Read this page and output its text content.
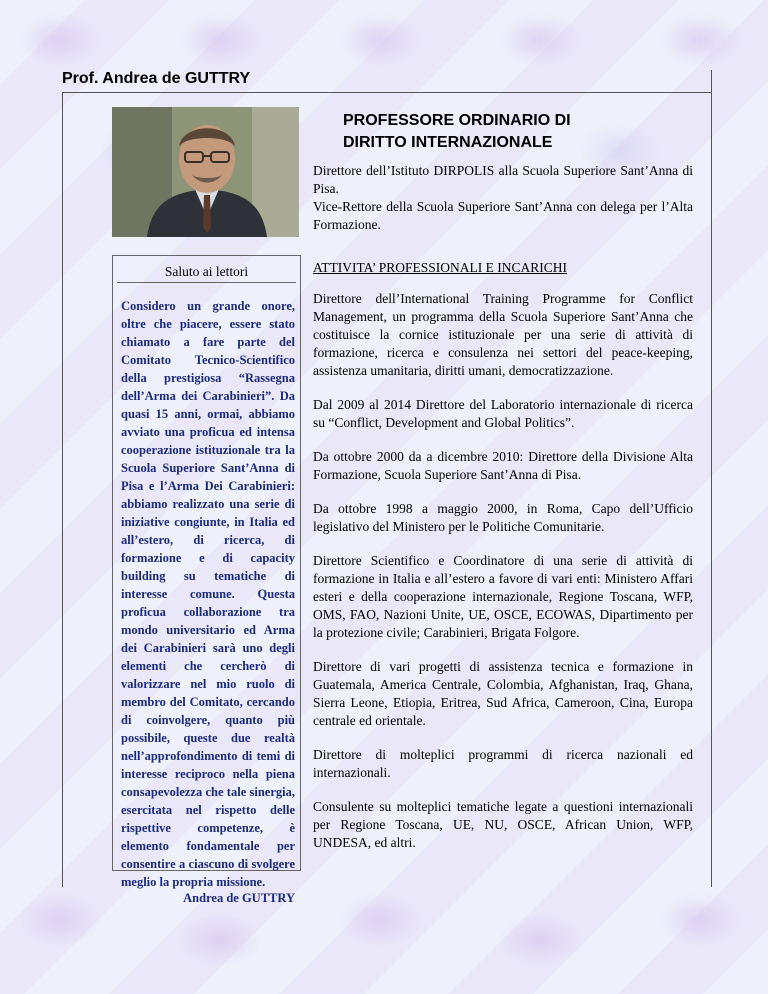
Prof. Andrea de GUTTRY
PROFESSORE ORDINARIO DI
DIRITTO INTERNAZIONALE

Direttore dell’Istituto DIRPOLIS alla Scuola Superiore Sant’Anna di Pisa.

Vice-Rettore della Scuola Superiore Sant’Anna con delega per l’Alta Formazione.

Saluto ai lettori
Considero un grande onore, oltre che piacere, essere stato chiamato a fare parte del Comitato Tecnico-Scientifico della prestigiosa “Rassegna dell’Arma dei Carabinieri”. Da quasi 15 anni, ormai, abbiamo avviato una proficua ed intensa cooperazione istituzionale tra la Scuola Superiore Sant’Anna di Pisa e l’Arma Dei Carabinieri: abbiamo realizzato una serie di iniziative congiunte, in Italia ed all’estero, di ricerca, di formazione e di capacity building su tematiche di interesse comune. Questa proficua collaborazione tra mondo universitario ed Arma dei Carabinieri sarà uno degli elementi che cercherò di valorizzare nel mio ruolo di membro del Comitato, cercando di coinvolgere, quanto più possibile, queste due realtà nell’approfondimento di temi di interesse reciproco nella piena consapevolezza che tale sinergia, esercitata nel rispetto delle rispettive competenze, è elemento fondamentale per consentire a ciascuno di svolgere meglio la propria missione.
Andrea de GUTTRY
ATTIVITA’ PROFESSIONALI E INCARICHI

Direttore dell’International Training Programme for Conflict Management, un programma della Scuola Superiore Sant’Anna che costituisce la cornice istituzionale per una serie di attività di formazione, ricerca e consulenza nei settori del peace-keeping, assistenza umanitaria, diritti umani, democratizzazione.

Dal 2009 al 2014 Direttore del Laboratorio internazionale di ricerca su “Conflict, Development and Global Politics”.

Da ottobre 2000 da a dicembre 2010: Direttore della Divisione Alta Formazione, Scuola Superiore Sant’Anna di Pisa.

Da ottobre 1998 a maggio 2000, in Roma, Capo dell’Ufficio legislativo del Ministero per le Politiche Comunitarie.

Direttore Scientifico e Coordinatore di una serie di attività di formazione in Italia e all’estero a favore di vari enti: Ministero Affari esteri e della cooperazione internazionale, Regione Toscana, WFP, OMS, FAO, Nazioni Unite, UE, OSCE, ECOWAS, Dipartimento per la protezione civile; Carabinieri, Brigata Folgore.

Direttore di vari progetti di assistenza tecnica e formazione in Guatemala, America Centrale, Colombia, Afghanistan, Iraq, Ghana, Sierra Leone, Etiopia, Eritrea, Sud Africa, Cameroon, Cina, Europa centrale ed orientale.

Direttore di molteplici programmi di ricerca nazionali ed internazionali.

Consulente su molteplici tematiche legate a questioni internazionali per Regione Toscana, UE, NU, OSCE, African Union, WFP, UNDESA, ed altri.
